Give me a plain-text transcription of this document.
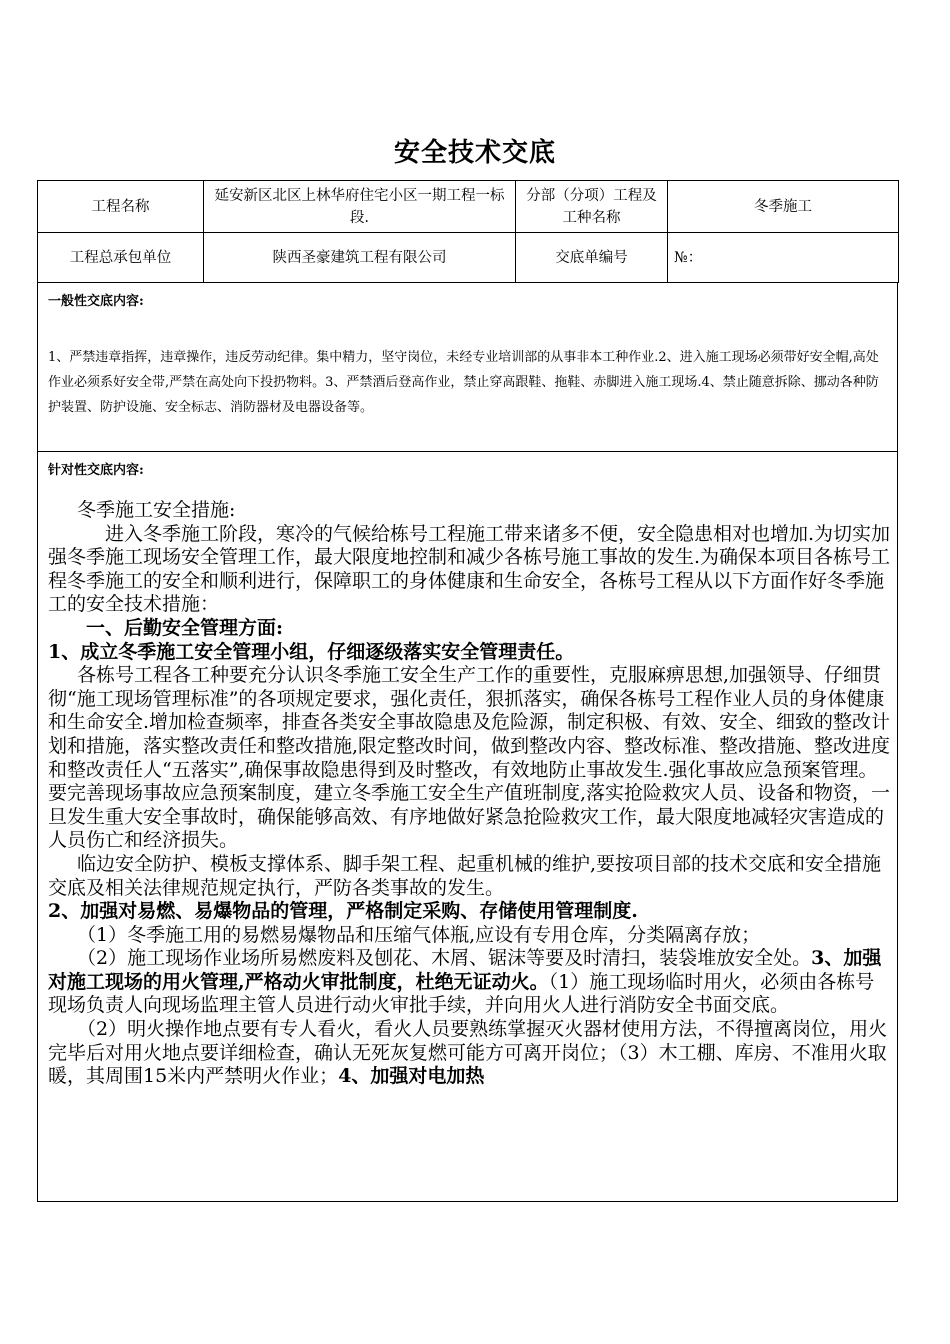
安全技术交底
工程名称	延安新区北区上林华府住宅小区一期工程一标段.	分部（分项）工程及工种名称	冬季施工
工程总承包单位	陕西圣豪建筑工程有限公司	交底单编号	№：
一般性交底内容:
1、严禁违章指挥，违章操作，违反劳动纪律。集中精力，坚守岗位，未经专业培训部的从事非本工种作业.2、进入施工现场必须带好安全帽,高处作业必须系好安全带,严禁在高处向下投扔物料。3、严禁酒后登高作业，禁止穿高跟鞋、拖鞋、赤脚进入施工现场.4、禁止随意拆除、挪动各种防护装置、防护设施、安全标志、消防器材及电器设备等。
针对性交底内容:

冬季施工安全措施:

进入冬季施工阶段，寒冷的气候给栋号工程施工带来诸多不便，安全隐患相对也增加.为切实加强冬季施工现场安全管理工作，最大限度地控制和减少各栋号施工事故的发生.为确保本项目各栋号工程冬季施工的安全和顺利进行，保障职工的身体健康和生命安全，各栋号工程从以下方面作好冬季施工的安全技术措施：

一、后勤安全管理方面:

1、成立冬季施工安全管理小组，仔细逐级落实安全管理责任。

各栋号工程各工种要充分认识冬季施工安全生产工作的重要性，克服麻痹思想,加强领导、仔细贯彻“施工现场管理标准”的各项规定要求，强化责任，狠抓落实，确保各栋号工程作业人员的身体健康和生命安全.增加检查频率，排查各类安全事故隐患及危险源，制定积极、有效、安全、细致的整改计划和措施，落实整改责任和整改措施,限定整改时间，做到整改内容、整改标准、整改措施、整改进度和整改责任人“五落实”,确保事故隐患得到及时整改，有效地防止事故发生.强化事故应急预案管理。要完善现场事故应急预案制度，建立冬季施工安全生产值班制度,落实抢险救灾人员、设备和物资，一旦发生重大安全事故时，确保能够高效、有序地做好紧急抢险救灾工作，最大限度地减轻灾害造成的人员伤亡和经济损失。

临边安全防护、模板支撑体系、脚手架工程、起重机械的维护,要按项目部的技术交底和安全措施交底及相关法律规范规定执行，严防各类事故的发生。

2、加强对易燃、易爆物品的管理，严格制定采购、存储使用管理制度.

（1）冬季施工用的易燃易爆物品和压缩气体瓶,应设有专用仓库，分类隔离存放；

（2）施工现场作业场所易燃废料及刨花、木屑、锯沫等要及时清扫，装袋堆放安全处。3、加强对施工现场的用火管理,严格动火审批制度，杜绝无证动火。（1）施工现场临时用火，必须由各栋号现场负责人向现场监理主管人员进行动火审批手续，并向用火人进行消防安全书面交底。

（2）明火操作地点要有专人看火，看火人员要熟练掌握灭火器材使用方法，不得擅离岗位，用火完毕后对用火地点要详细检查，确认无死灰复燃可能方可离开岗位；（3）木工棚、库房、不准用火取暖，其周围15米内严禁明火作业；4、加强对电加热
